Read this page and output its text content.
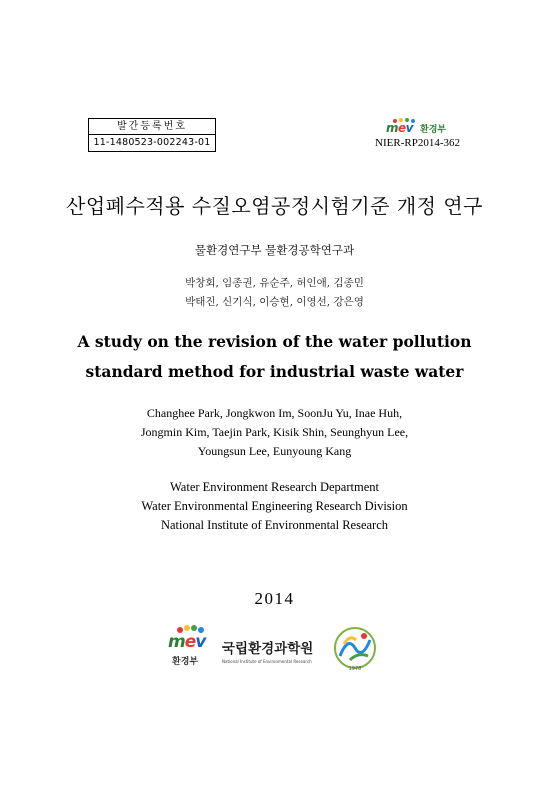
발간등록번호
11-1480523-002243-01
mev 환경부
NIER-RP2014-362
산업폐수적용 수질오염공정시험기준 개정 연구
물환경연구부 물환경공학연구과
박창회, 임종권, 유순주, 허인애, 김종민
박태진, 신기식, 이승현, 이영선, 강은영
A study on the revision of the water pollution
standard method for industrial waste water
Changhee Park, Jongkwon Im, SoonJu Yu, Inae Huh,
Jongmin Kim, Taejin Park, Kisik Shin, Seunghyun Lee,
Youngsun Lee, Eunyoung Kang
Water Environment Research Department
Water Environmental Engineering Research Division
National Institute of Environmental Research
2014
mev
환경부
국립환경과학원
National Institute of Environmental Research
1978
